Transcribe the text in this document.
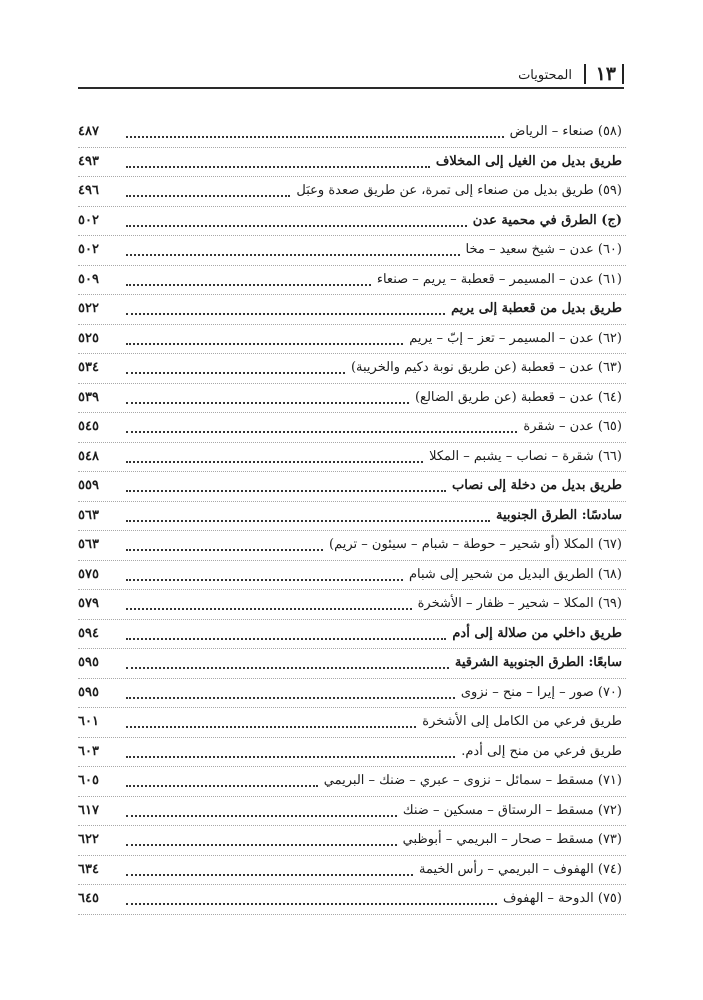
١٣
المحتويات
(٥٨) صنعاء – الرياض
٤٨٧
طريق بديل من الغيل إلى المخلاف
٤٩٣
(٥٩) طريق بديل من صنعاء إلى تمرة، عن طريق صعدة وعبَل
٤٩٦
(ج) الطرق في محمية عدن
٥٠٢
(٦٠) عدن – شيخ سعيد – مخا
٥٠٢
(٦١) عدن – المسيمر – قعطبة – يريم – صنعاء
٥٠٩
طريق بديل من قعطبة إلى يريم
٥٢٢
(٦٢) عدن – المسيمر – تعز – إبّ – يريم
٥٢٥
(٦٣) عدن – قعطبة (عن طريق نوبة دكيم والخريبة)
٥٣٤
(٦٤) عدن – قعطبة (عن طريق الضالع)
٥٣٩
(٦٥) عدن – شقرة
٥٤٥
(٦٦) شقرة – نصاب – يشبم – المكلا
٥٤٨
طريق بديل من دخلة إلى نصاب
٥٥٩
سادسًا: الطرق الجنوبية
٥٦٣
(٦٧) المكلا (أو شحير – حوطة – شبام – سيئون – تريم)
٥٦٣
(٦٨) الطريق البديل من شحير إلى شبام
٥٧٥
(٦٩) المكلا – شحير – ظفار – الأشخرة
٥٧٩
طريق داخلي من صلالة إلى أدم
٥٩٤
سابعًا: الطرق الجنوبية الشرقية
٥٩٥
(٧٠) صور – إيرا – منح – نزوى
٥٩٥
طريق فرعي من الكامل إلى الأشخرة
٦٠١
طريق فرعي من منح إلى أدم.
٦٠٣
(٧١) مسقط – سمائل – نزوى – عبري – ضنك – البريمي
٦٠٥
(٧٢) مسقط – الرستاق – مسكين – ضنك
٦١٧
(٧٣) مسقط – صحار – البريمي – أبوظبي
٦٢٢
(٧٤) الهفوف – البريمي – رأس الخيمة
٦٣٤
(٧٥) الدوحة – الهفوف
٦٤٥
